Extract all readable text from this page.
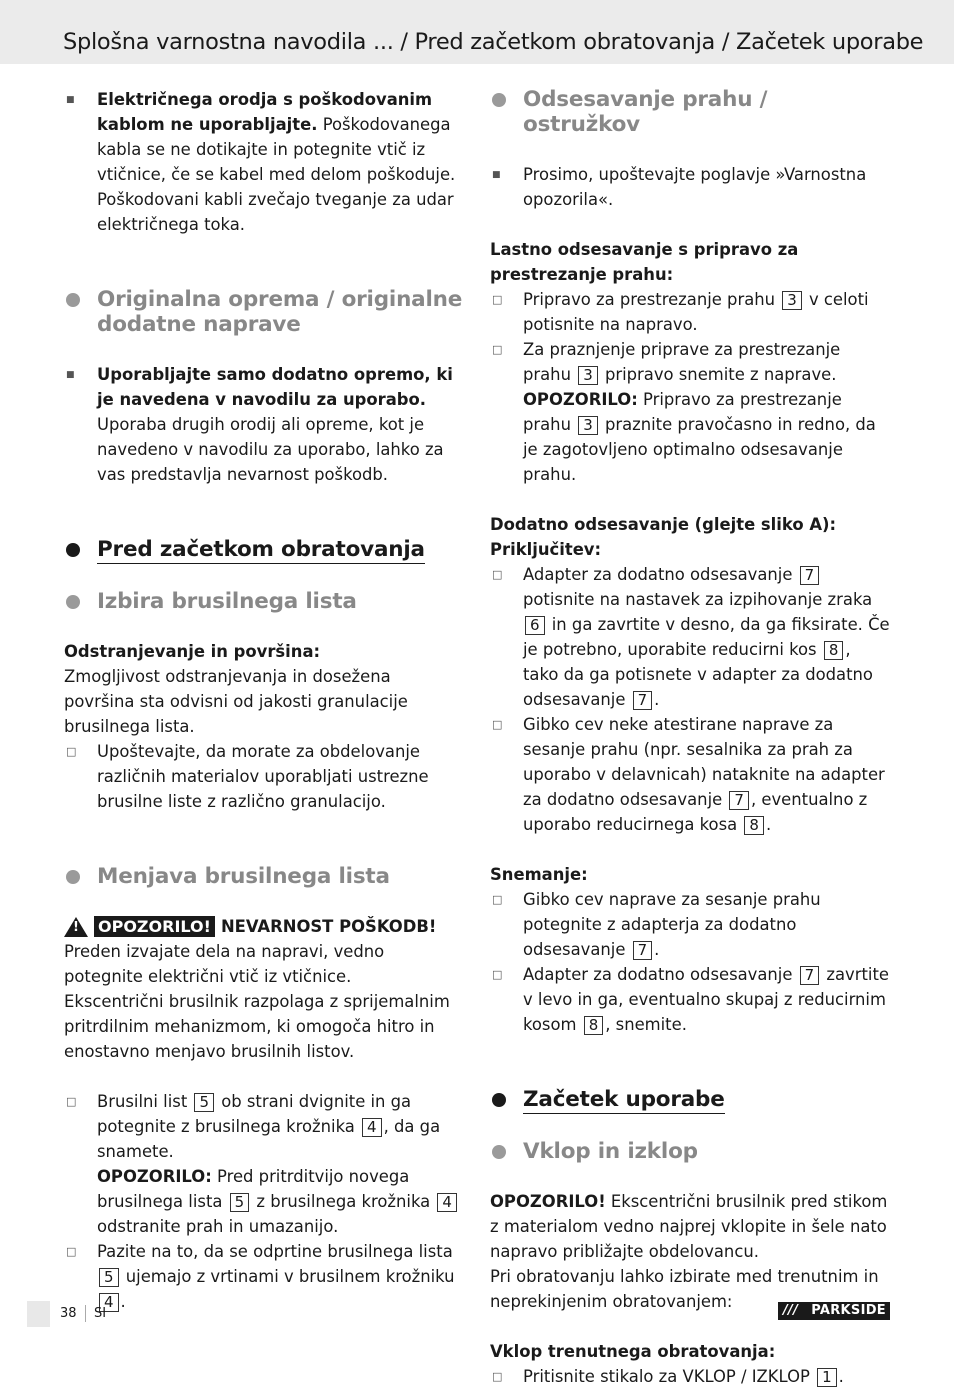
Splošna varnostna navodila ... / Pred začetkom obratovanja / Začetek uporabe
■ Električnega orodja s poškodovanim kablom ne uporabljajte. Poškodovanega kabla se ne dotikajte in potegnite vtič iz vtičnice, če se kabel med delom poškoduje. Poškodovani kabli zvečajo tveganje za udar električnega toka.
Originalna oprema / originalne dodatne naprave
■ Uporabljajte samo dodatno opremo, ki je navedena v navodilu za uporabo. Uporaba drugih orodij ali opreme, kot je navedeno v navodilu za uporabo, lahko za vas predstavlja nevarnost poškodb.
Pred začetkom obratovanja
Izbira brusilnega lista
Odstranjevanje in površina:
Zmogljivost odstranjevanja in dosežena površina sta odvisni od jakosti granulacije brusilnega lista.
□ Upoštevajte, da morate za obdelovanje različnih materialov uporabljati ustrezne brusilne liste z različno granulacijo.
Menjava brusilnega lista
! OPOZORILO! NEVARNOST POŠKODB!
Preden izvajate dela na napravi, vedno potegnite električni vtič iz vtičnice.
Ekscentrični brusilnik razpolaga z sprijemalnim pritrdilnim mehanizmom, ki omogoča hitro in enostavno menjavo brusilnih listov.
□ Brusilni list 5 ob strani dvignite in ga potegnite z brusilnega krožnika 4 , da ga snamete.
OPOZORILO: Pred pritrditvijo novega brusilnega lista 5 z brusilnega krožnika 4 odstranite prah in umazanijo.
□ Pazite na to, da se odprtine brusilnega lista 5 ujemajo z vrtinami v brusilnem krožniku 4 .
Odsesavanje prahu / ostružkov
■ Prosimo, upoštevajte poglavje »Varnostna opozorila«.
Lastno odsesavanje s pripravo za prestrezanje prahu:
□ Pripravo za prestrezanje prahu 3 v celoti potisnite na napravo.
□ Za praznjenje priprave za prestrezanje prahu 3 pripravo snemite z naprave.
OPOZORILO: Pripravo za prestrezanje prahu 3 praznite pravočasno in redno, da je zagotovljeno optimalno odsesavanje prahu.
Dodatno odsesavanje (glejte sliko A):
Priključitev:
□ Adapter za dodatno odsesavanje 7 potisnite na nastavek za izpihovanje zraka 6 in ga zavrtite v desno, da ga fiksirate. Če je potrebno, uporabite reducirni kos 8 , tako da ga potisnete v adapter za dodatno odsesavanje 7 .
□ Gibko cev neke atestirane naprave za sesanje prahu (npr. sesalnika za prah za uporabo v delavnicah) nataknite na adapter za dodatno odsesavanje 7 , eventualno z uporabo reducirnega kosa 8 .
Snemanje:
□ Gibko cev naprave za sesanje prahu potegnite z adapterja za dodatno odsesavanje 7 .
□ Adapter za dodatno odsesavanje 7 zavrtite v levo in ga, eventualno skupaj z reducirnim kosom 8 , snemite.
Začetek uporabe
Vklop in izklop
OPOZORILO! Ekscentrični brusilnik pred stikom z materialom vedno najprej vklopite in šele nato napravo približajte obdelovancu.
Pri obratovanju lahko izbirate med trenutnim in neprekinjenim obratovanjem:
Vklop trenutnega obratovanja:
□ Pritisnite stikalo za VKLOP / IZKLOP 1 .
38 SI	/// PARKSIDE
